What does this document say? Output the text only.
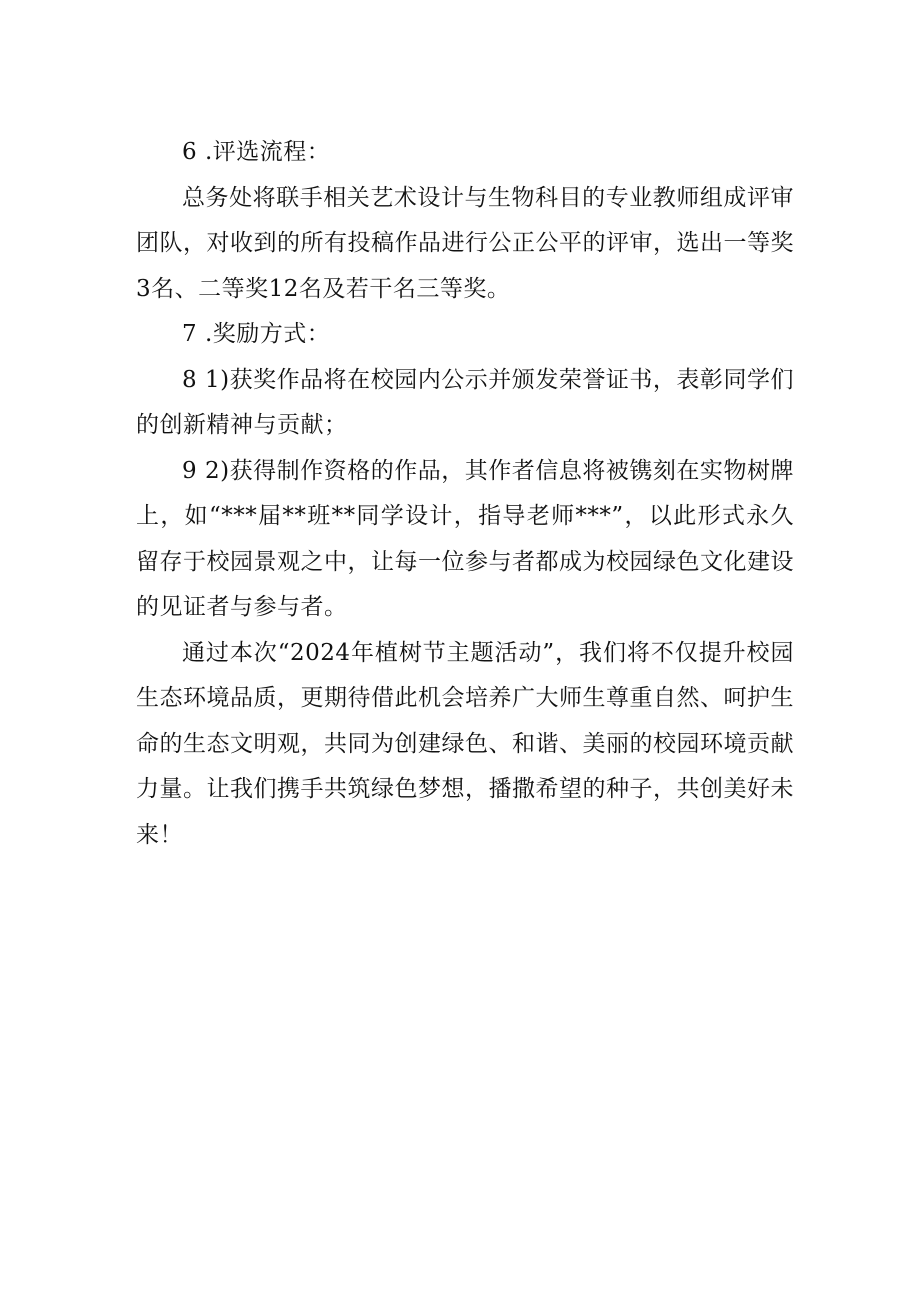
6 .评选流程：

总务处将联手相关艺术设计与生物科目的专业教师组成评审团队，对收到的所有投稿作品进行公正公平的评审，选出一等奖3名、二等奖12名及若干名三等奖。

7 .奖励方式：

8 1)获奖作品将在校园内公示并颁发荣誉证书，表彰同学们的创新精神与贡献；

9 2)获得制作资格的作品，其作者信息将被镌刻在实物树牌上，如“***届**班**同学设计，指导老师***”，以此形式永久留存于校园景观之中，让每一位参与者都成为校园绿色文化建设的见证者与参与者。

通过本次“2024年植树节主题活动”，我们将不仅提升校园生态环境品质，更期待借此机会培养广大师生尊重自然、呵护生命的生态文明观，共同为创建绿色、和谐、美丽的校园环境贡献力量。让我们携手共筑绿色梦想，播撒希望的种子，共创美好未来！
